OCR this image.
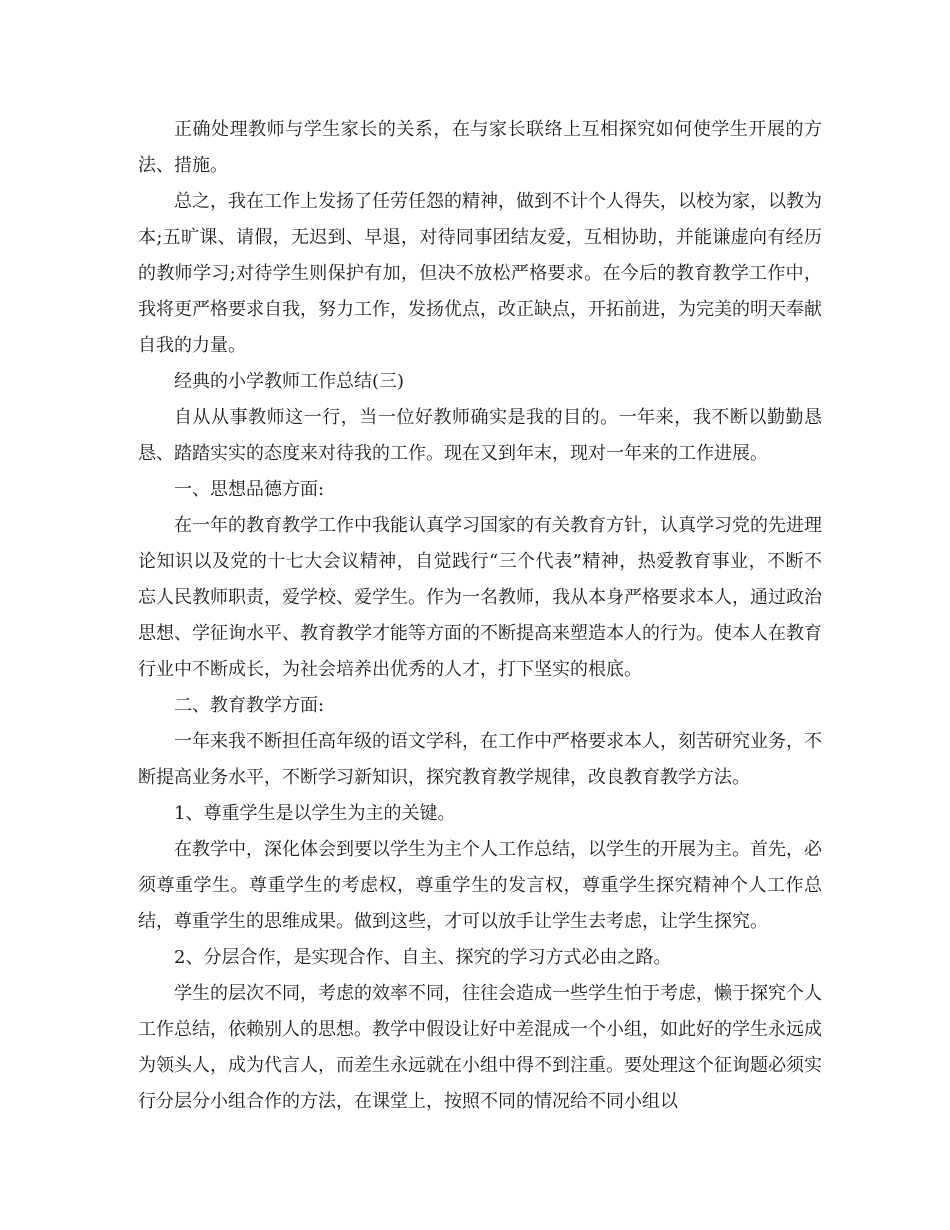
正确处理教师与学生家长的关系，在与家长联络上互相探究如何使学生开展的方法、措施。

总之，我在工作上发扬了任劳任怨的精神，做到不计个人得失，以校为家，以教为本;五旷课、请假，无迟到、早退，对待同事团结友爱，互相协助，并能谦虚向有经历的教师学习;对待学生则保护有加，但决不放松严格要求。在今后的教育教学工作中，我将更严格要求自我，努力工作，发扬优点，改正缺点，开拓前进，为完美的明天奉献自我的力量。

经典的小学教师工作总结(三)

自从从事教师这一行，当一位好教师确实是我的目的。一年来，我不断以勤勤恳恳、踏踏实实的态度来对待我的工作。现在又到年末，现对一年来的工作进展。

一、思想品德方面:

在一年的教育教学工作中我能认真学习国家的有关教育方针，认真学习党的先进理论知识以及党的十七大会议精神，自觉践行“三个代表”精神，热爱教育事业，不断不忘人民教师职责，爱学校、爱学生。作为一名教师，我从本身严格要求本人，通过政治思想、学征询水平、教育教学才能等方面的不断提高来塑造本人的行为。使本人在教育行业中不断成长，为社会培养出优秀的人才，打下坚实的根底。

二、教育教学方面:

一年来我不断担任高年级的语文学科，在工作中严格要求本人，刻苦研究业务，不断提高业务水平，不断学习新知识，探究教育教学规律，改良教育教学方法。

1、尊重学生是以学生为主的关键。

在教学中，深化体会到要以学生为主个人工作总结，以学生的开展为主。首先，必须尊重学生。尊重学生的考虑权，尊重学生的发言权，尊重学生探究精神个人工作总结，尊重学生的思维成果。做到这些，才可以放手让学生去考虑，让学生探究。

2、分层合作，是实现合作、自主、探究的学习方式必由之路。

学生的层次不同，考虑的效率不同，往往会造成一些学生怕于考虑，懒于探究个人工作总结，依赖别人的思想。教学中假设让好中差混成一个小组，如此好的学生永远成为领头人，成为代言人，而差生永远就在小组中得不到注重。要处理这个征询题必须实行分层分小组合作的方法，在课堂上，按照不同的情况给不同小组以
